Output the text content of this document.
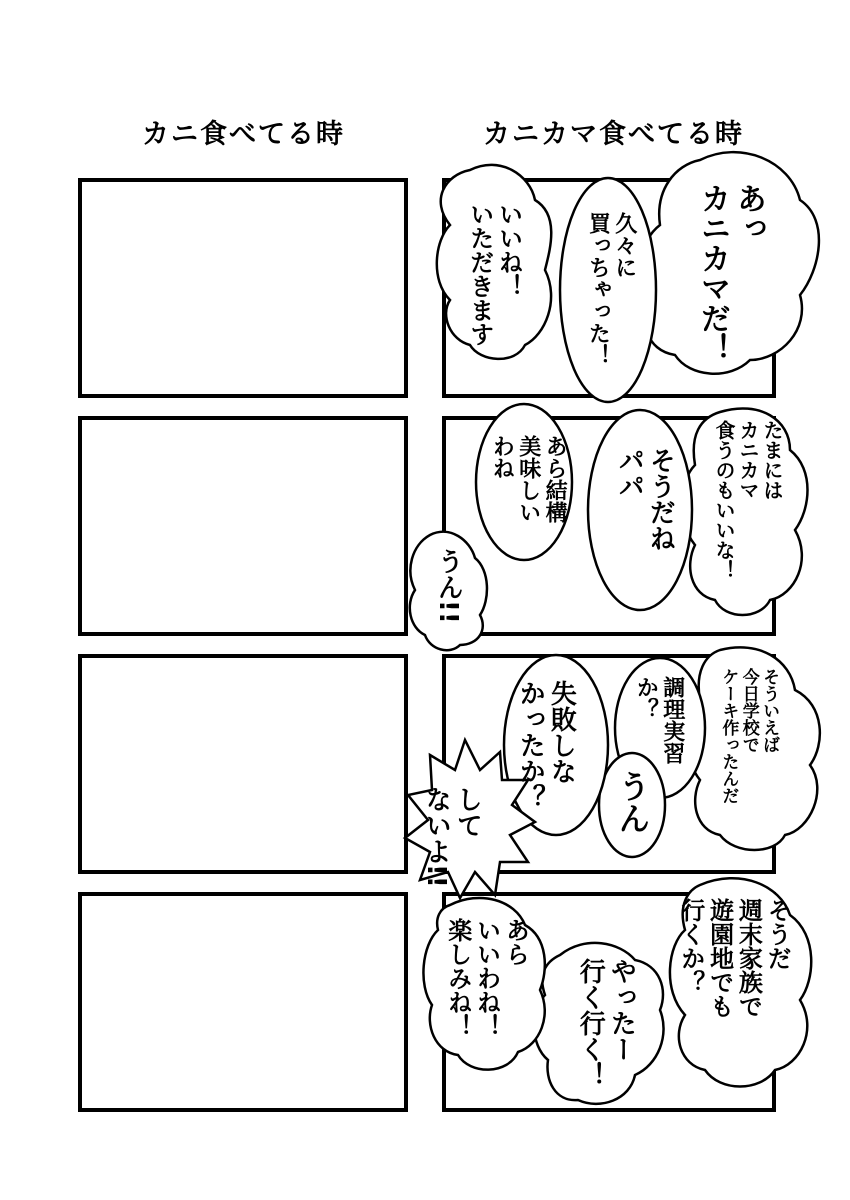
カニ食べてる時	カニカマ食べてる時
あっ
カニカマだ！
久々に
買っちゃった！
いいね！
いただきます
たまには
カニカマ
食うのもいいな！
そうだね
パパ
あら結構
美味しい
わね
うん!!
そういえば
今日学校で
ケーキ作ったんだ
調理実習
か？
うん
失敗しな
かったか？
して
ないよ!!
そうだ
週末家族で
遊園地でも
行くか？
やったー
行く行く！
あら
いいわね！
楽しみね！
